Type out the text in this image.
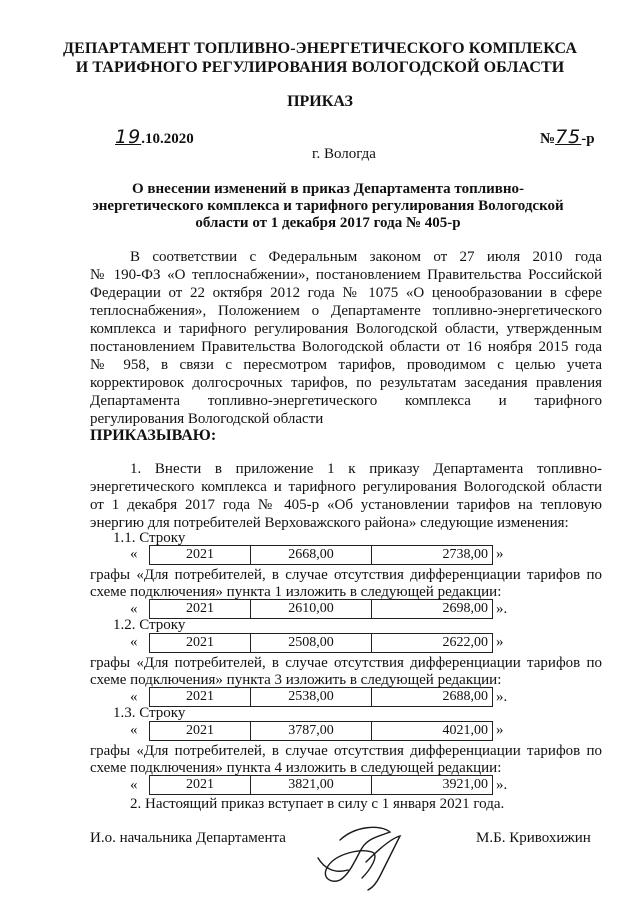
ДЕПАРТАМЕНТ ТОПЛИВНО-ЭНЕРГЕТИЧЕСКОГО КОМПЛЕКСА
И ТАРИФНОГО РЕГУЛИРОВАНИЯ ВОЛОГОДСКОЙ ОБЛАСТИ
ПРИКАЗ
19.10.2020	№75-р
г. Вологда
О внесении изменений в приказ Департамента топливно-
энергетического комплекса и тарифного регулирования Вологодской
области от 1 декабря 2017 года № 405-р
В соответствии с Федеральным законом от 27 июля 2010 года
№ 190-ФЗ «О теплоснабжении», постановлением Правительства Российской
Федерации от 22 октября 2012 года № 1075 «О ценообразовании в сфере
теплоснабжения», Положением о Департаменте топливно-энергетического
комплекса и тарифного регулирования Вологодской области, утвержденным
постановлением Правительства Вологодской области от 16 ноября 2015 года
№ 958, в связи с пересмотром тарифов, проводимом с целью учета
корректировок долгосрочных тарифов, по результатам заседания правления
Департамента топливно-энергетического комплекса и тарифного
регулирования Вологодской области
ПРИКАЗЫВАЮ:
1. Внести в приложение 1 к приказу Департамента топливно-
энергетического комплекса и тарифного регулирования Вологодской области
от 1 декабря 2017 года № 405-р «Об установлении тарифов на тепловую
энергию для потребителей Верховажского района» следующие изменения:
1.1. Строку
«	2021	2668,00	2738,00 »
графы «Для потребителей, в случае отсутствия дифференциации тарифов по
схеме подключения» пункта 1 изложить в следующей редакции:
«	2021	2610,00	2698,00 ».
1.2. Строку
«	2021	2508,00	2622,00 »
графы «Для потребителей, в случае отсутствия дифференциации тарифов по
схеме подключения» пункта 3 изложить в следующей редакции:
«	2021	2538,00	2688,00 ».
1.3. Строку
«	2021	3787,00	4021,00 »
графы «Для потребителей, в случае отсутствия дифференциации тарифов по
схеме подключения» пункта 4 изложить в следующей редакции:
«	2021	3821,00	3921,00 ».
2. Настоящий приказ вступает в силу с 1 января 2021 года.
И.о. начальника Департамента	М.Б. Кривохижин
